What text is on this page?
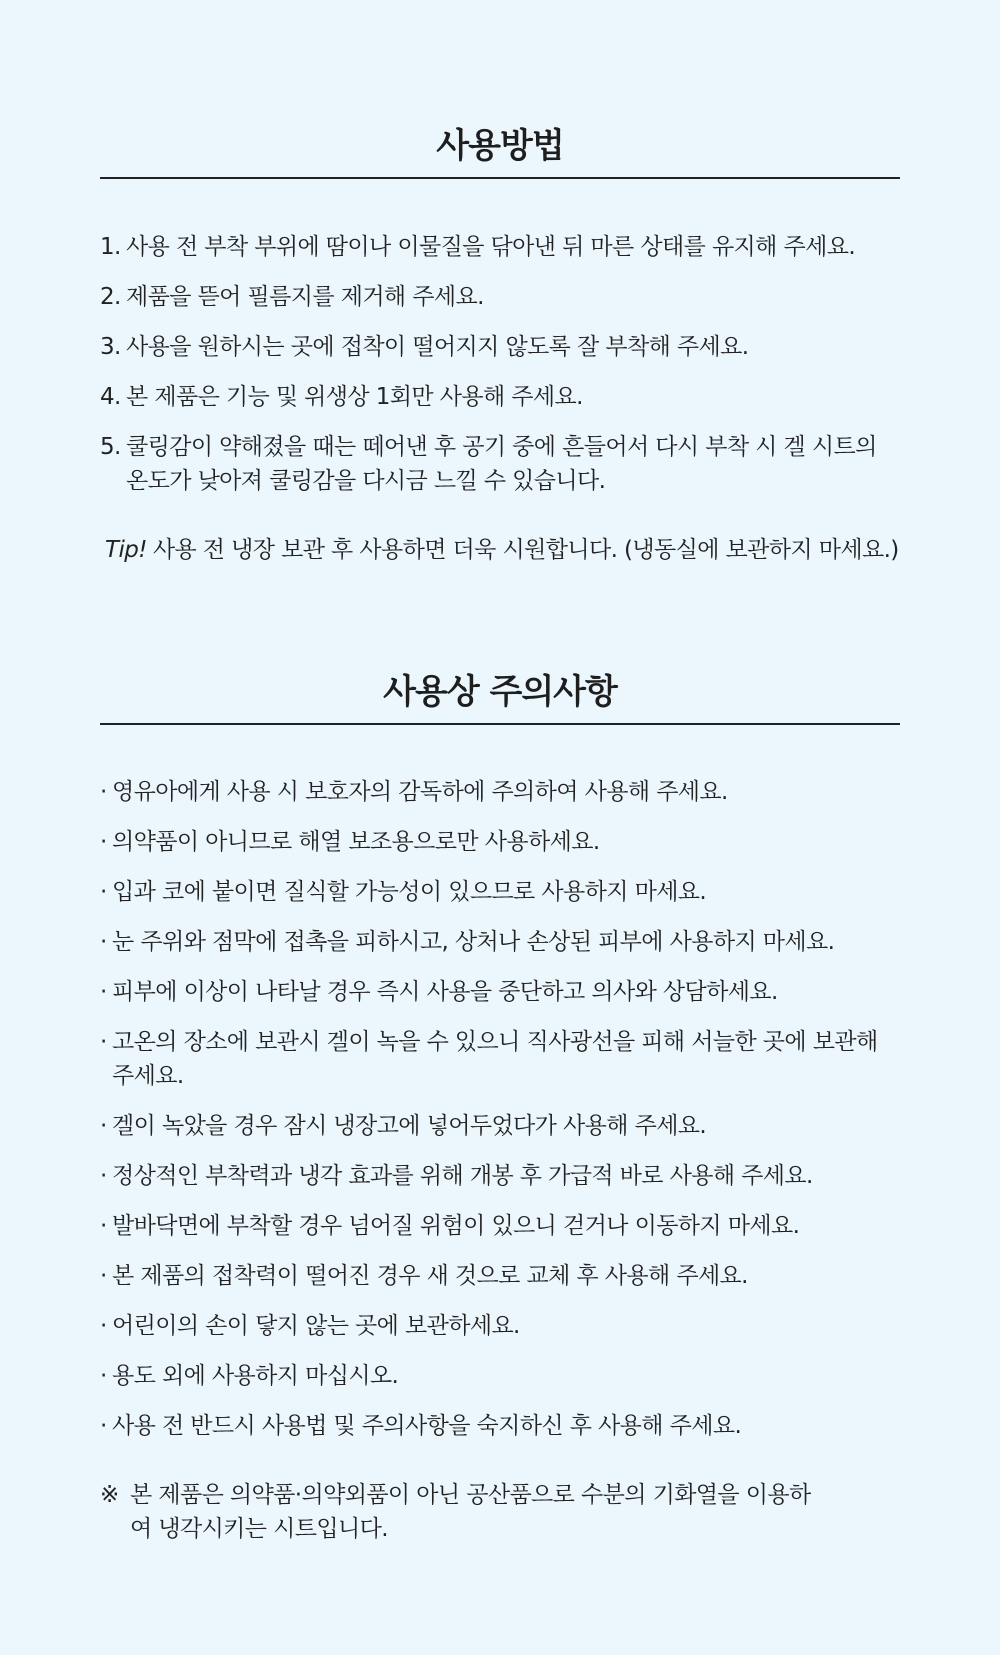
사용방법
1. 사용 전 부착 부위에 땀이나 이물질을 닦아낸 뒤 마른 상태를 유지해 주세요.
2. 제품을 뜯어 필름지를 제거해 주세요.
3. 사용을 원하시는 곳에 접착이 떨어지지 않도록 잘 부착해 주세요.
4. 본 제품은 기능 및 위생상 1회만 사용해 주세요.
5. 쿨링감이 약해졌을 때는 떼어낸 후 공기 중에 흔들어서 다시 부착 시 겔 시트의 온도가 낮아져 쿨링감을 다시금 느낄 수 있습니다.
Tip! 사용 전 냉장 보관 후 사용하면 더욱 시원합니다. (냉동실에 보관하지 마세요.)
사용상 주의사항
· 영유아에게 사용 시 보호자의 감독하에 주의하여 사용해 주세요.
· 의약품이 아니므로 해열 보조용으로만 사용하세요.
· 입과 코에 붙이면 질식할 가능성이 있으므로 사용하지 마세요.
· 눈 주위와 점막에 접촉을 피하시고, 상처나 손상된 피부에 사용하지 마세요.
· 피부에 이상이 나타날 경우 즉시 사용을 중단하고 의사와 상담하세요.
· 고온의 장소에 보관시 겔이 녹을 수 있으니 직사광선을 피해 서늘한 곳에 보관해 주세요.
· 겔이 녹았을 경우 잠시 냉장고에 넣어두었다가 사용해 주세요.
· 정상적인 부착력과 냉각 효과를 위해 개봉 후 가급적 바로 사용해 주세요.
· 발바닥면에 부착할 경우 넘어질 위험이 있으니 걷거나 이동하지 마세요.
· 본 제품의 접착력이 떨어진 경우 새 것으로 교체 후 사용해 주세요.
· 어린이의 손이 닿지 않는 곳에 보관하세요.
· 용도 외에 사용하지 마십시오.
· 사용 전 반드시 사용법 및 주의사항을 숙지하신 후 사용해 주세요.
※ 본 제품은 의약품·의약외품이 아닌 공산품으로 수분의 기화열을 이용하여 냉각시키는 시트입니다.
